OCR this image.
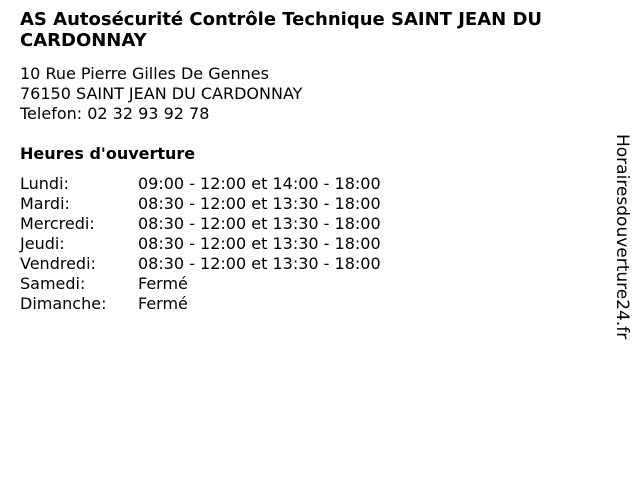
AS Autosécurité Contrôle Technique SAINT JEAN DU CARDONNAY
10 Rue Pierre Gilles De Gennes
76150 SAINT JEAN DU CARDONNAY
Telefon: 02 32 93 92 78
Heures d'ouverture
Lundi:	09:00 - 12:00 et 14:00 - 18:00
Mardi:	08:30 - 12:00 et 13:30 - 18:00
Mercredi:	08:30 - 12:00 et 13:30 - 18:00
Jeudi:	08:30 - 12:00 et 13:30 - 18:00
Vendredi:	08:30 - 12:00 et 13:30 - 18:00
Samedi:	Fermé
Dimanche:	Fermé	Horairesdouverture24.fr
